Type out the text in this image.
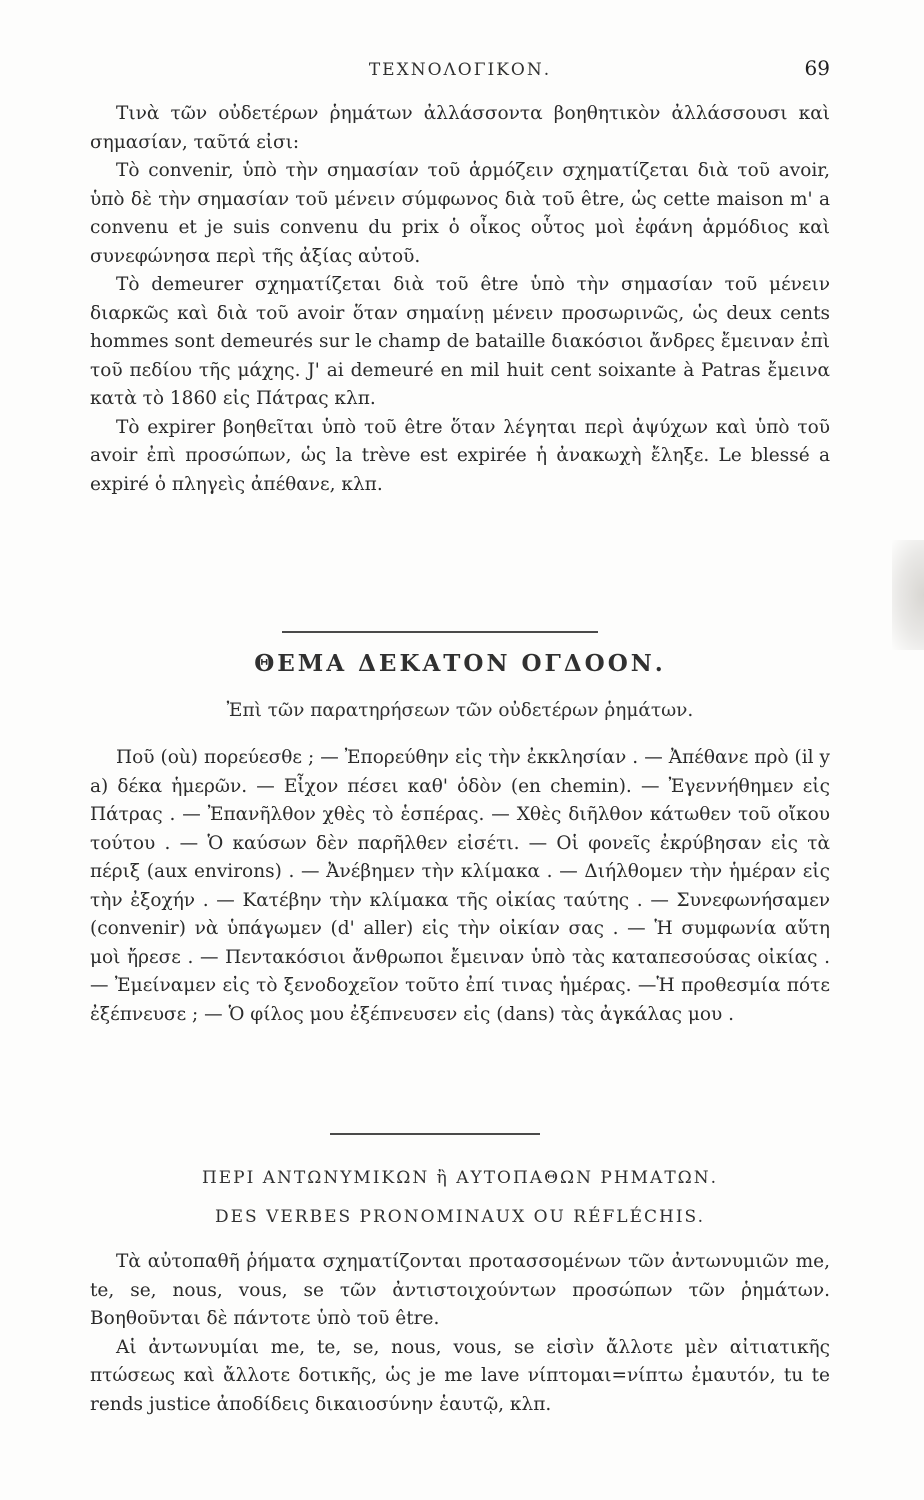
ΤΕΧΝΟΛΟΓΙΚΟΝ.	69

Τινὰ τῶν οὐδετέρων ῥημάτων ἀλλάσσοντα βοηθητικὸν ἀλλάσσουσι καὶ σημασίαν, ταῦτά εἰσι:

Τὸ convenir, ὑπὸ τὴν σημασίαν τοῦ ἁρμόζειν σχηματίζεται διὰ τοῦ avoir, ὑπὸ δὲ τὴν σημασίαν τοῦ μένειν σύμφωνος διὰ τοῦ être, ὡς cette maison m' a convenu et je suis convenu du prix ὁ οἶκος οὗτος μοὶ ἐφάνη ἁρμόδιος καὶ συνεφώνησα περὶ τῆς ἀξίας αὐτοῦ.

Τὸ demeurer σχηματίζεται διὰ τοῦ être ὑπὸ τὴν σημασίαν τοῦ μένειν διαρκῶς καὶ διὰ τοῦ avoir ὅταν σημαίνῃ μένειν προσωρινῶς, ὡς deux cents hommes sont demeurés sur le champ de bataille διακόσιοι ἄνδρες ἔμειναν ἐπὶ τοῦ πεδίου τῆς μάχης. J' ai demeuré en mil huit cent soixante à Patras ἔμεινα κατὰ τὸ 1860 εἰς Πάτρας κλπ.

Τὸ expirer βοηθεῖται ὑπὸ τοῦ être ὅταν λέγηται περὶ ἀψύχων καὶ ὑπὸ τοῦ avoir ἐπὶ προσώπων, ὡς la trève est expirée ἡ ἀνακωχὴ ἔληξε. Le blessé a expiré ὁ πληγεὶς ἀπέθανε, κλπ.

ΘΕΜΑ ΔΕΚΑΤΟΝ ΟΓΔΟΟΝ.
Ἐπὶ τῶν παρατηρήσεων τῶν οὐδετέρων ῥημάτων.

Ποῦ (où) πορεύεσθε ; — Ἐπορεύθην εἰς τὴν ἐκκλησίαν . — Ἀπέθανε πρὸ (il y a) δέκα ἡμερῶν. — Εἶχον πέσει καθ' ὁδὸν (en chemin). — Ἐγεννήθημεν εἰς Πάτρας . — Ἐπανῆλθον χθὲς τὸ ἑσπέρας. — Χθὲς διῆλθον κάτωθεν τοῦ οἴκου τούτου . — Ὁ καύσων δὲν παρῆλθεν εἰσέτι. — Οἱ φονεῖς ἐκρύβησαν εἰς τὰ πέριξ (aux environs) . — Ἀνέβημεν τὴν κλίμακα . — Διήλθομεν τὴν ἡμέραν εἰς τὴν ἐξοχήν . — Κατέβην τὴν κλίμακα τῆς οἰκίας ταύτης . — Συνεφωνήσαμεν (convenir) νὰ ὑπάγωμεν (d' aller) εἰς τὴν οἰκίαν σας . — Ἡ συμφωνία αὕτη μοὶ ἤρεσε . — Πεντακόσιοι ἄνθρωποι ἔμειναν ὑπὸ τὰς καταπεσούσας οἰκίας . — Ἐμείναμεν εἰς τὸ ξενοδοχεῖον τοῦτο ἐπί τινας ἡμέρας. —Ἡ προθεσμία πότε ἐξέπνευσε ; — Ὁ φίλος μου ἐξέπνευσεν εἰς (dans) τὰς ἀγκάλας μου .

ΠΕΡΙ ΑΝΤΩΝΥΜΙΚΩΝ ἢ ΑΥΤΟΠΑΘΩΝ ΡΗΜΑΤΩΝ.
DES VERBES PRONOMINAUX OU RÉFLÉCHIS.

Τὰ αὐτοπαθῆ ῥήματα σχηματίζονται προτασσομένων τῶν ἀντωνυμιῶν me, te, se, nous, vous, se τῶν ἀντιστοιχούντων προσώπων τῶν ῥημάτων. Βοηθοῦνται δὲ πάντοτε ὑπὸ τοῦ être.

Αἱ ἀντωνυμίαι me, te, se, nous, vous, se εἰσὶν ἄλλοτε μὲν αἰτιατικῆς πτώσεως καὶ ἄλλοτε δοτικῆς, ὡς je me lave νίπτομαι=νίπτω ἐμαυτόν, tu te rends justice ἀποδίδεις δικαιοσύνην ἑαυτῷ, κλπ.
